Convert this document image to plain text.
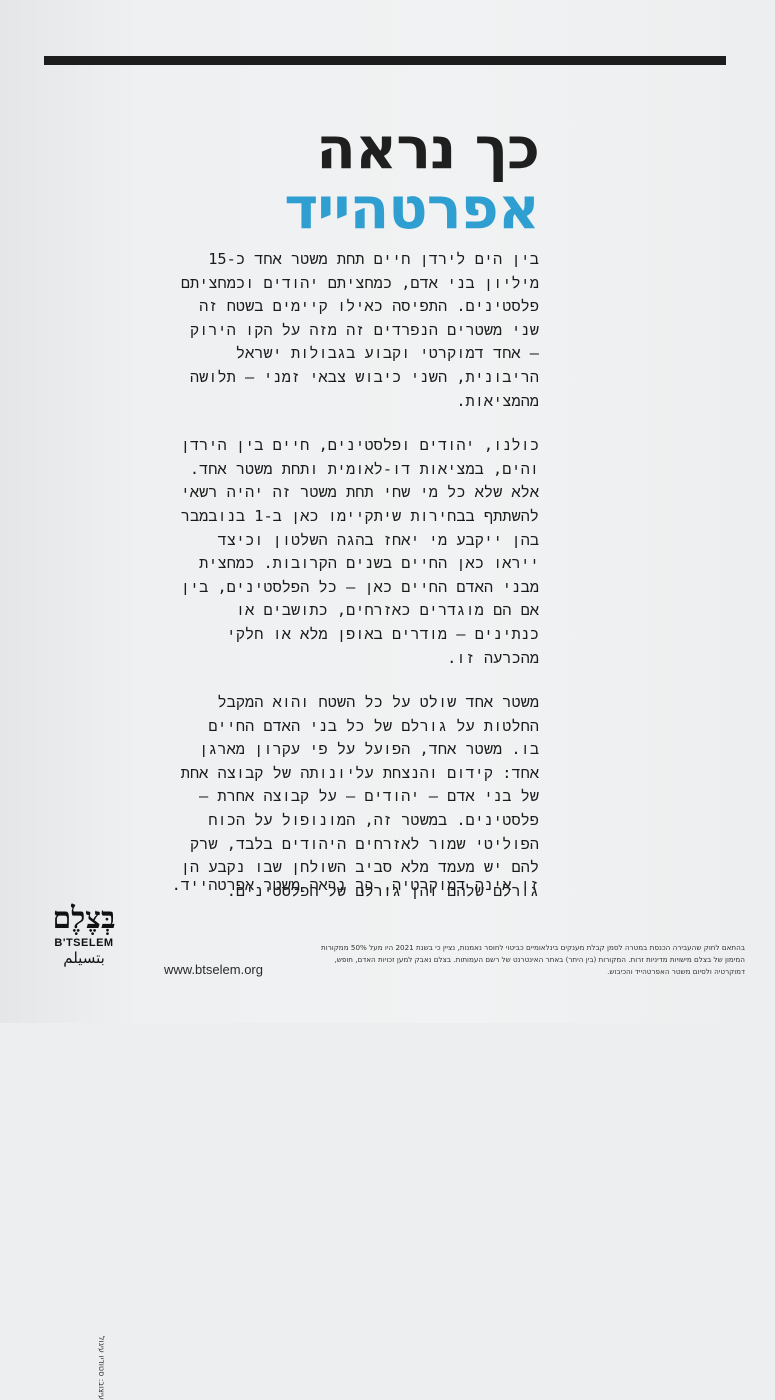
כך נראה
אפרטהייד

בין הים לירדן חיים תחת משטר אחד כ-15 מיליון בני אדם, כמחציתם יהודים וכמחציתם פלסטינים. התפיסה כאילו קיימים בשטח זה שני משטרים הנפרדים זה מזה על הקו הירוק – אחד דמוקרטי וקבוע בגבולות ישראל הריבונית, השני כיבוש צבאי זמני – תלושה מהמציאות.

כולנו, יהודים ופלסטינים, חיים בין הירדן והים, במציאות דו-לאומית ותחת משטר אחד. אלא שלא כל מי שחי תחת משטר זה יהיה רשאי להשתתף בבחירות שיתקיימו כאן ב-1 בנובמבר בהן ייקבע מי יאחז בהגה השלטון וכיצד ייראו כאן החיים בשנים הקרובות. כמחצית מבני האדם החיים כאן – כל הפלסטינים, בין אם הם מוגדרים כאזרחים, כתושבים או כנתינים – מודרים באופן מלא או חלקי מהכרעה זו.

משטר אחד שולט על כל השטח והוא המקבל החלטות על גורלם של כל בני האדם החיים בו. משטר אחד, הפועל על פי עקרון מארגן אחד: קידום והנצחת עליונותה של קבוצה אחת של בני אדם – יהודים – על קבוצה אחרת – פלסטינים. במשטר זה, המונופול על הכוח הפוליטי שמור לאזרחים היהודים בלבד, שרק להם יש מעמד מלא סביב השולחן שבו נקבע הן גורלם שלהם והן גורלם של הפלסטינים.

זו אינה דמוקרטיה. כך נראה משטר אפרטהייד.
עיצוב: סטודיו עיגול
בְּצֶלֶם
B'TSELEM
بتسيلم
www.btselem.org
בהתאם לחוק שהעבירה הכנסת במטרה לסמן קבלת מענקים בינלאומיים כביטוי לחוסר נאמנות, נציין כי בשנת 2021 היו מעל 50% ממקורות המימון של בצלם מישויות מדיניות זרות. המקורות (בין היתר) באתר האינטרנט של רשם העמותות. בצלם נאבק למען זכויות האדם, חופש, דמוקרטיה ולסיום משטר האפרטהייד והכיבוש.
